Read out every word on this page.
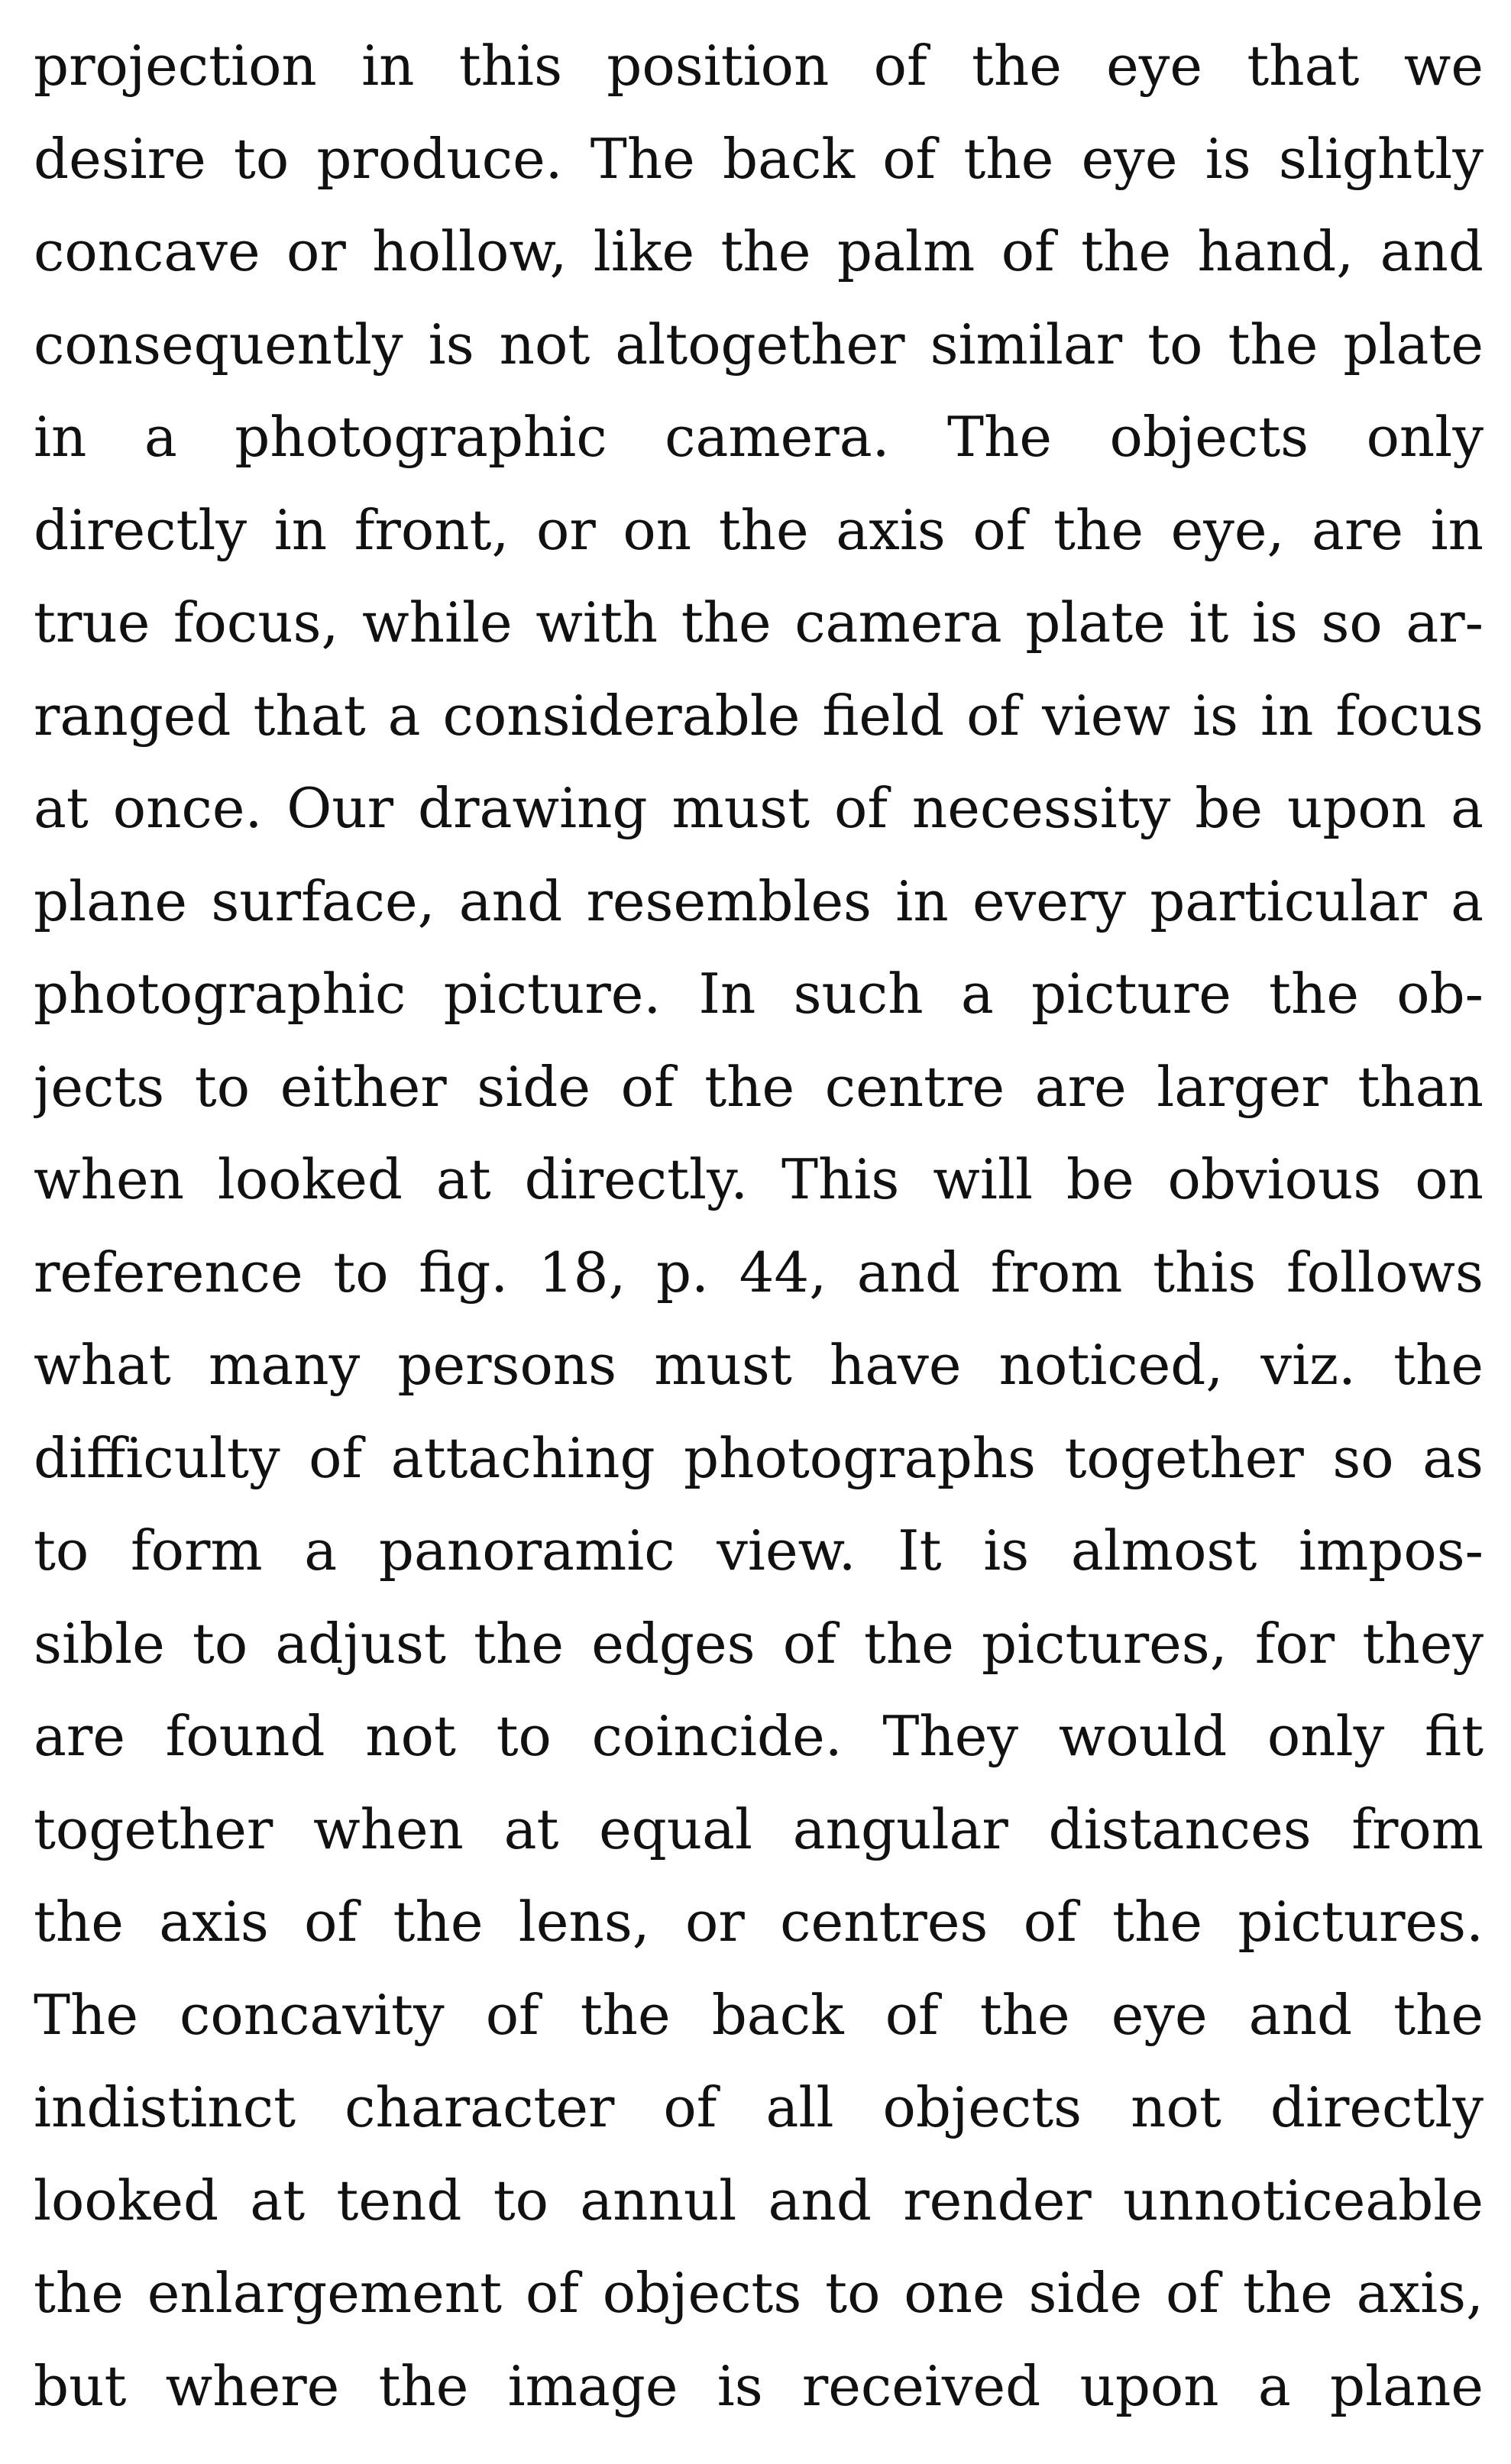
projection in this position of the eye that we
desire to produce. The back of the eye is slightly
concave or hollow, like the palm of the hand, and
consequently is not altogether similar to the plate
in a photographic camera. The objects only
directly in front, or on the axis of the eye, are in
true focus, while with the camera plate it is so ar-
ranged that a considerable field of view is in focus
at once. Our drawing must of necessity be upon a
plane surface, and resembles in every particular a
photographic picture. In such a picture the ob-
jects to either side of the centre are larger than
when looked at directly. This will be obvious on
reference to fig. 18, p. 44, and from this follows
what many persons must have noticed, viz. the
difficulty of attaching photographs together so as
to form a panoramic view. It is almost impos-
sible to adjust the edges of the pictures, for they
are found not to coincide. They would only fit
together when at equal angular distances from
the axis of the lens, or centres of the pictures.
The concavity of the back of the eye and the
indistinct character of all objects not directly
looked at tend to annul and render unnoticeable
the enlargement of objects to one side of the axis,
but where the image is received upon a plane
